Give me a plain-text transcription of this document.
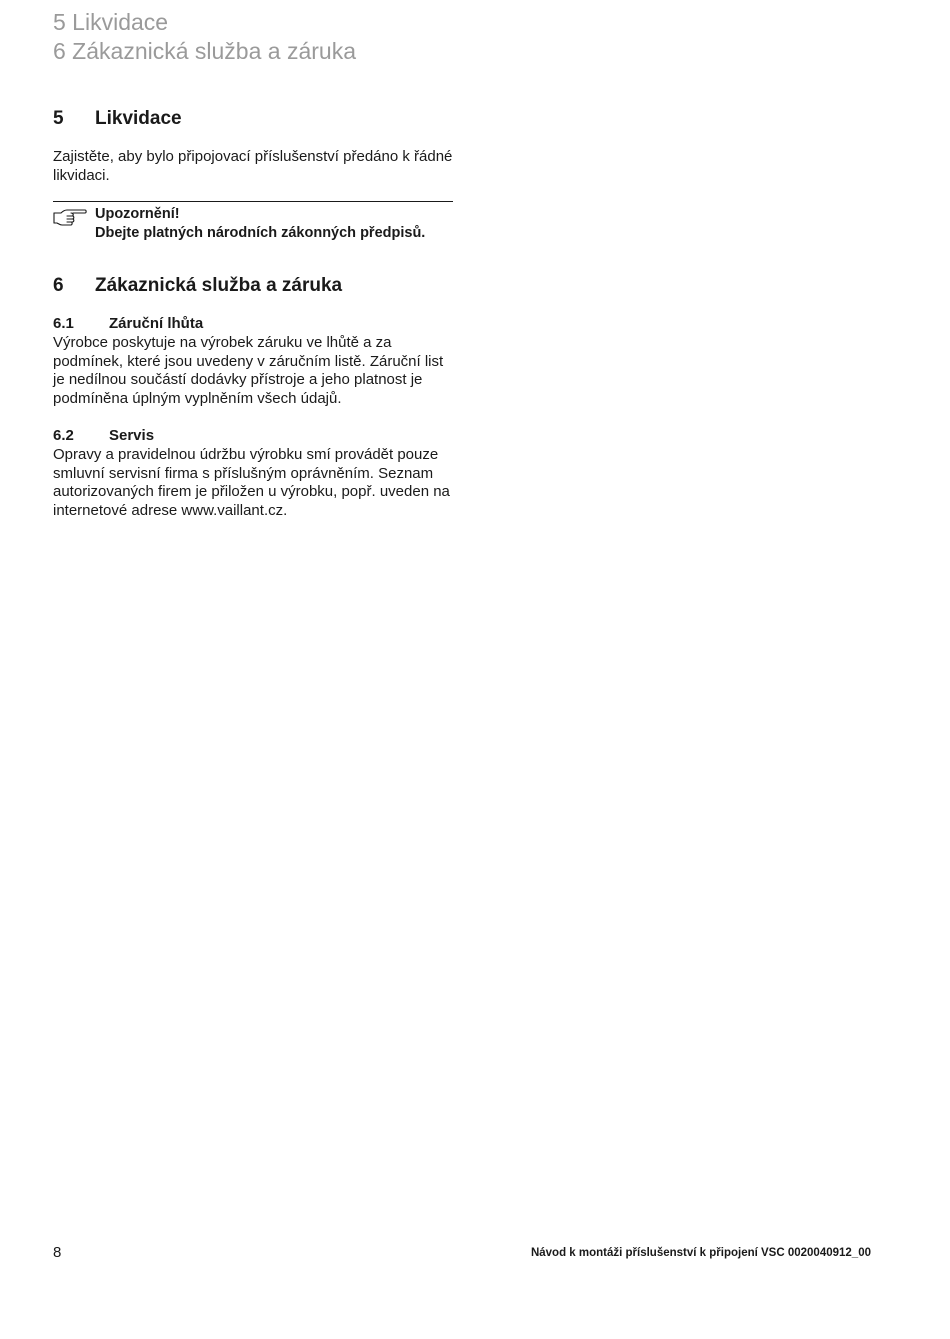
5 Likvidace
6 Zákaznická služba a záruka
5	Likvidace

Zajistěte, aby bylo připojovací příslušenství předáno k řádné likvidaci.

Upozornění!
Dbejte platných národních zákonných předpisů.
6	Zákaznická služba a záruka
6.1	Záruční lhůta

Výrobce poskytuje na výrobek záruku ve lhůtě a za podmínek, které jsou uvedeny v záručním listě. Záruční list je nedílnou součástí dodávky přístroje a jeho platnost je podmíněna úplným vyplněním všech údajů.

6.2	Servis

Opravy a pravidelnou údržbu výrobku smí provádět pouze smluvní servisní firma s příslušným oprávněním. Seznam autorizovaných firem je přiložen u výrobku, popř. uveden na internetové adrese www.vaillant.cz.

8	Návod k montáži příslušenství k připojení VSC 0020040912_00
